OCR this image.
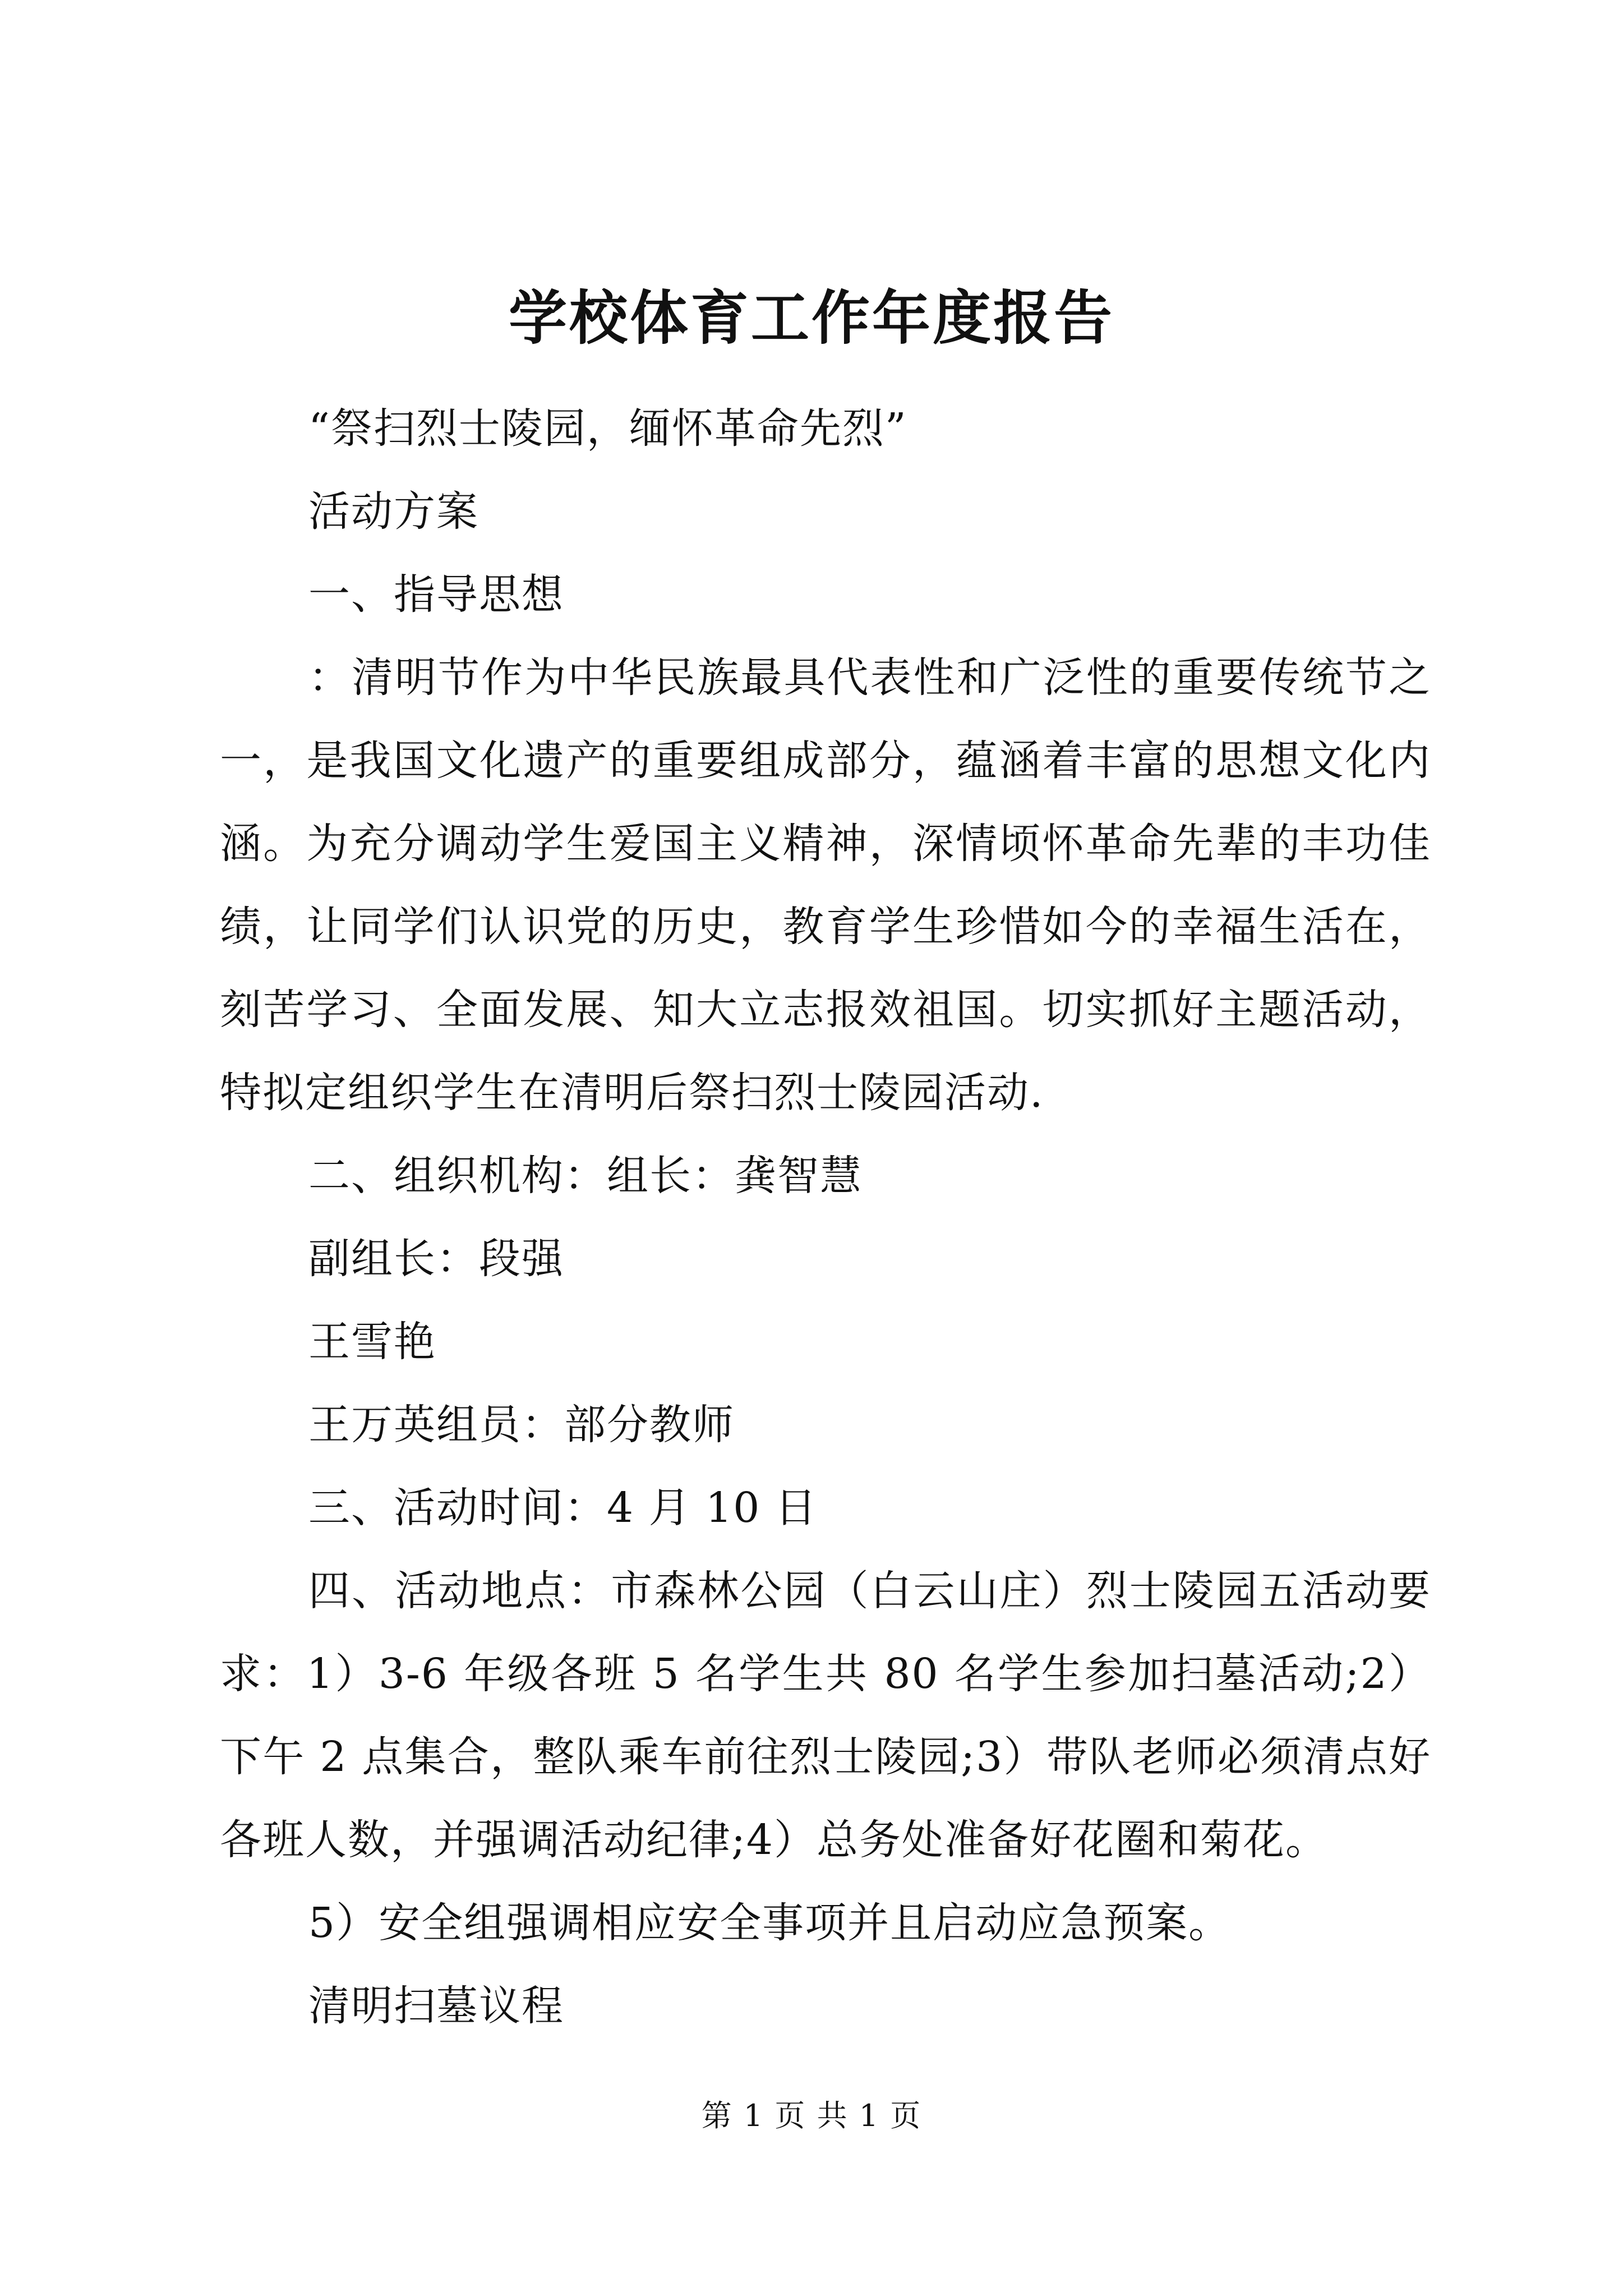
学校体育工作年度报告

“祭扫烈士陵园，缅怀革命先烈”

活动方案

一、指导思想

：清明节作为中华民族最具代表性和广泛性的重要传统节之一，是我国文化遗产的重要组成部分，蕴涵着丰富的思想文化内涵。为充分调动学生爱国主义精神，深情顷怀革命先辈的丰功佳绩，让同学们认识党的历史，教育学生珍惜如今的幸福生活在，刻苦学习、全面发展、知大立志报效祖国。切实抓好主题活动，特拟定组织学生在清明后祭扫烈士陵园活动.

二、组织机构：组长：龚智慧

副组长：段强

王雪艳

王万英组员：部分教师

三、活动时间：4 月 10 日

四、活动地点：市森林公园（白云山庄）烈士陵园五活动要求：1）3-6 年级各班 5 名学生共 80 名学生参加扫墓活动;2）下午 2 点集合，整队乘车前往烈士陵园;3）带队老师必须清点好各班人数，并强调活动纪律;4）总务处准备好花圈和菊花。

5）安全组强调相应安全事项并且启动应急预案。

清明扫墓议程

第 1 页 共 1 页
